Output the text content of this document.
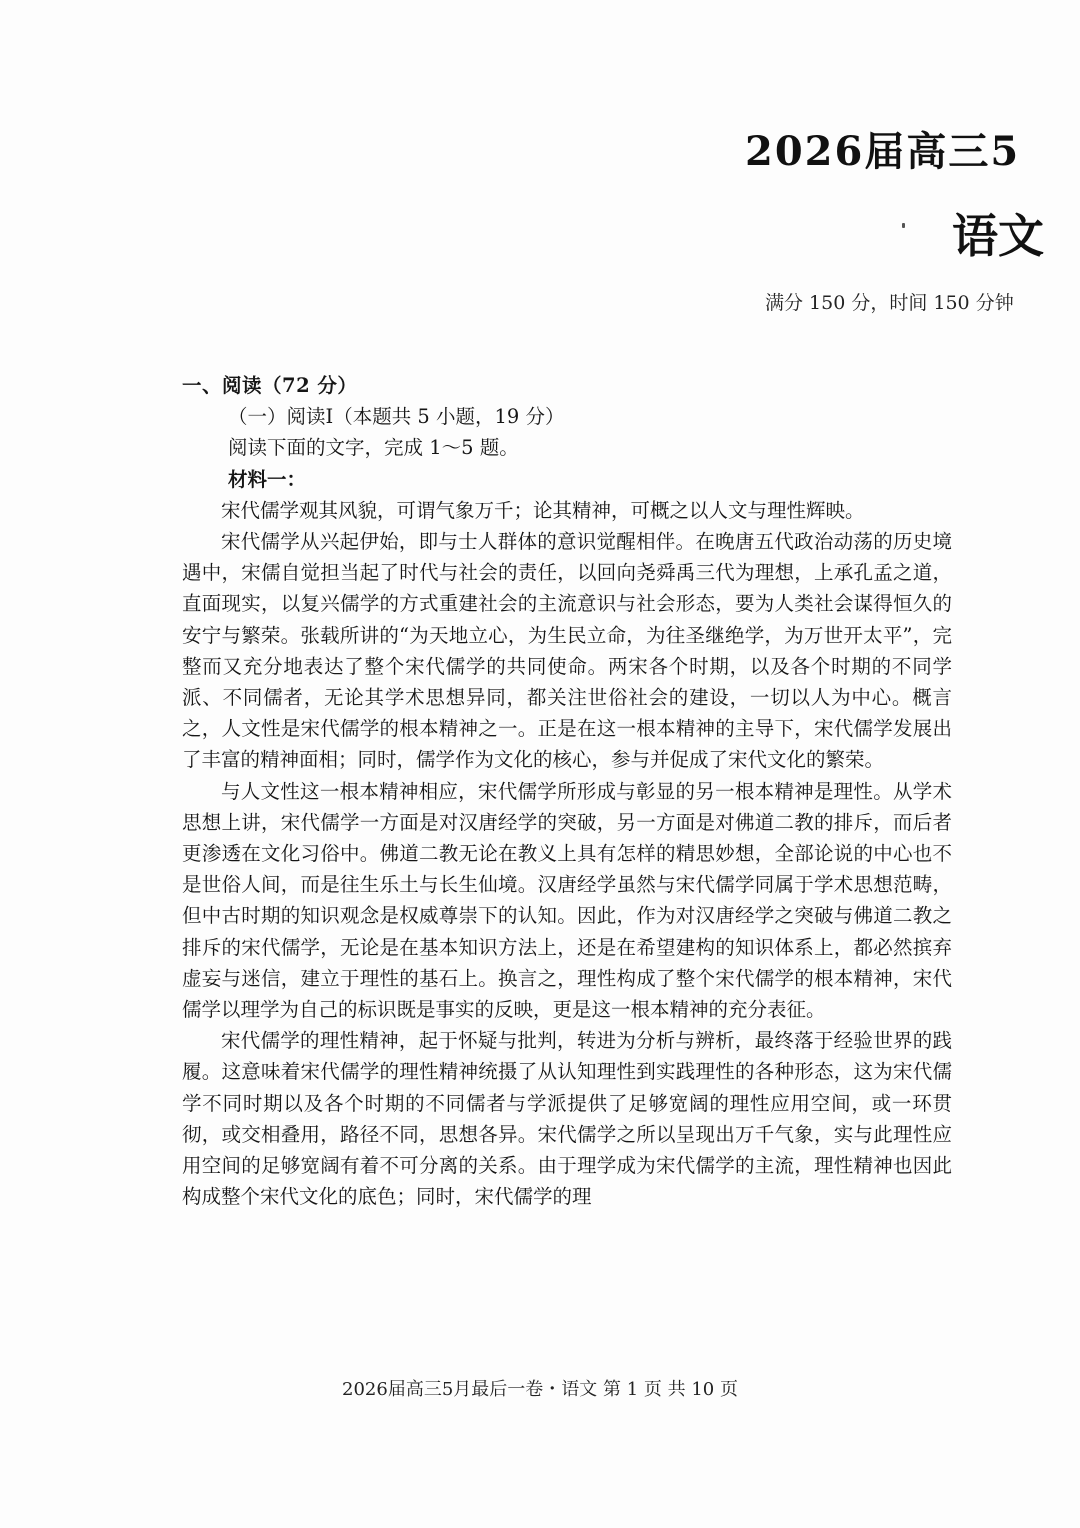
2026届高三5
语文
满分 150 分，时间 150 分钟

一、阅读（72 分）

（一）阅读Ⅰ（本题共 5 小题，19 分）

阅读下面的文字，完成 1～5 题。

材料一：

宋代儒学观其风貌，可谓气象万千；论其精神，可概之以人文与理性辉映。

宋代儒学从兴起伊始，即与士人群体的意识觉醒相伴。在晚唐五代政治动荡的历史境遇中，宋儒自觉担当起了时代与社会的责任，以回向尧舜禹三代为理想，上承孔孟之道，直面现实，以复兴儒学的方式重建社会的主流意识与社会形态，要为人类社会谋得恒久的安宁与繁荣。张载所讲的“为天地立心，为生民立命，为往圣继绝学，为万世开太平”，完整而又充分地表达了整个宋代儒学的共同使命。两宋各个时期，以及各个时期的不同学派、不同儒者，无论其学术思想异同，都关注世俗社会的建设，一切以人为中心。概言之，人文性是宋代儒学的根本精神之一。正是在这一根本精神的主导下，宋代儒学发展出了丰富的精神面相；同时，儒学作为文化的核心，参与并促成了宋代文化的繁荣。

与人文性这一根本精神相应，宋代儒学所形成与彰显的另一根本精神是理性。从学术思想上讲，宋代儒学一方面是对汉唐经学的突破，另一方面是对佛道二教的排斥，而后者更渗透在文化习俗中。佛道二教无论在教义上具有怎样的精思妙想，全部论说的中心也不是世俗人间，而是往生乐土与长生仙境。汉唐经学虽然与宋代儒学同属于学术思想范畴，但中古时期的知识观念是权威尊崇下的认知。因此，作为对汉唐经学之突破与佛道二教之排斥的宋代儒学，无论是在基本知识方法上，还是在希望建构的知识体系上，都必然摈弃虚妄与迷信，建立于理性的基石上。换言之，理性构成了整个宋代儒学的根本精神，宋代儒学以理学为自己的标识既是事实的反映，更是这一根本精神的充分表征。

宋代儒学的理性精神，起于怀疑与批判，转进为分析与辨析，最终落于经验世界的践履。这意味着宋代儒学的理性精神统摄了从认知理性到实践理性的各种形态，这为宋代儒学不同时期以及各个时期的不同儒者与学派提供了足够宽阔的理性应用空间，或一环贯彻，或交相叠用，路径不同，思想各异。宋代儒学之所以呈现出万千气象，实与此理性应用空间的足够宽阔有着不可分离的关系。由于理学成为宋代儒学的主流，理性精神也因此构成整个宋代文化的底色；同时，宋代儒学的理

2026届高三5月最后一卷・语文 第 1 页 共 10 页
